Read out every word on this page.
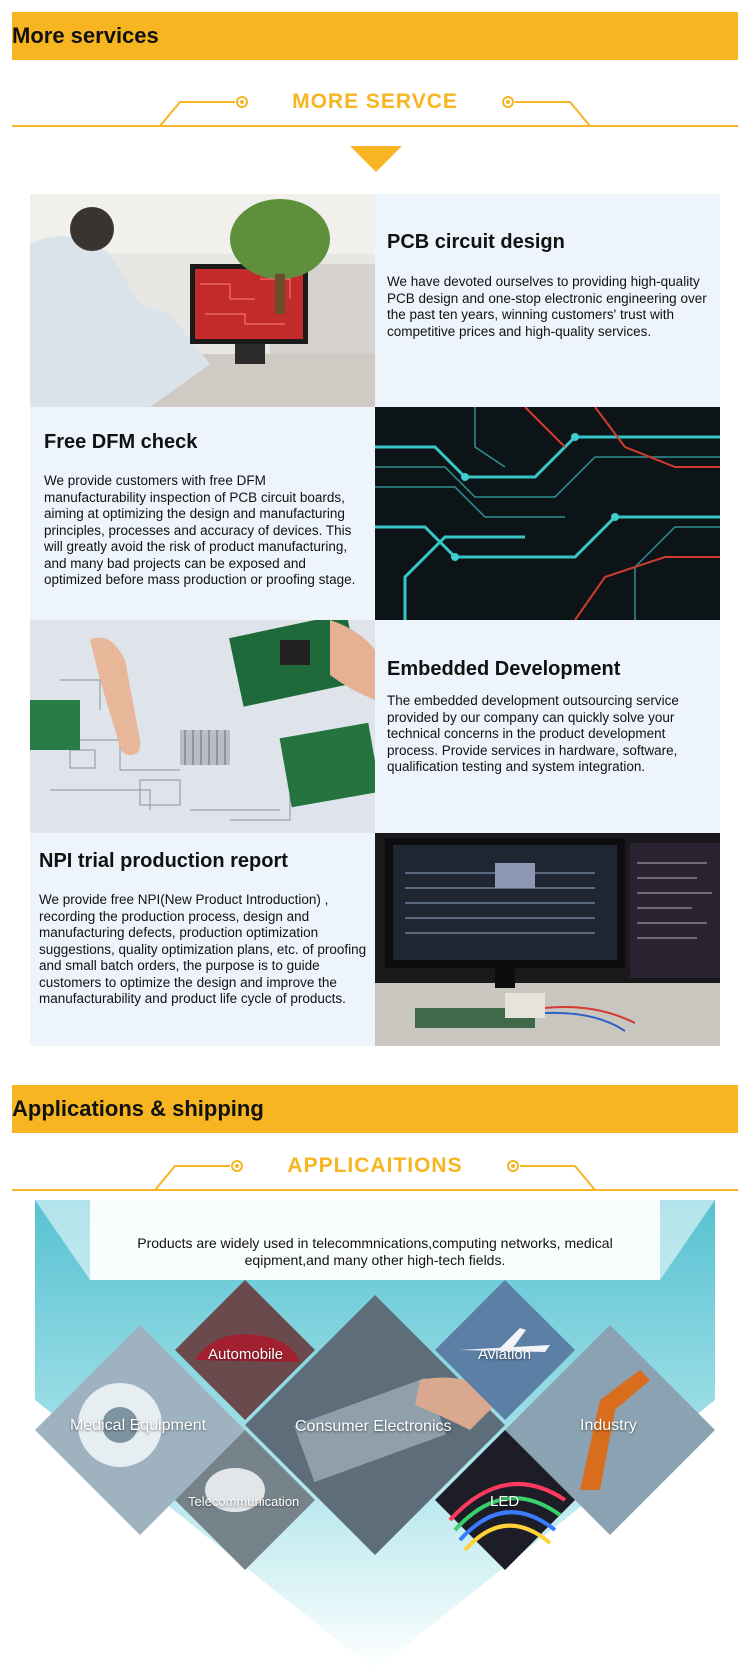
More services
MORE SERVCE
PCB circuit design

We have devoted ourselves to providing high-quality PCB design and one-stop electronic engineering over the past ten years, winning customers' trust with competitive prices and high-quality services.

Free DFM check

We provide customers with free DFM manufacturability inspection of PCB circuit boards, aiming at optimizing the design and manufacturing principles, processes and accuracy of devices. This will greatly avoid the risk of product manufacturing, and many bad projects can be exposed and optimized before mass production or proofing stage.

Embedded Development

The embedded development outsourcing service provided by our company can quickly solve your technical concerns in the product development process. Provide services in hardware, software, qualification testing and system integration.

NPI trial production report

We provide free NPI(New Product Introduction) , recording the production process, design and manufacturing defects, production optimization suggestions, quality optimization plans, etc. of proofing and small batch orders, the purpose is to guide customers to optimize the design and improve the manufacturability and product life cycle of products.

Applications & shipping
APPLICAITIONS
Products are widely used in telecommnications,computing networks, medical eqipment,and many other high-tech fields.
Medical Equipment
Automobile
Consumer Electronics
Aviation
Industry
Telecommunication	LED
